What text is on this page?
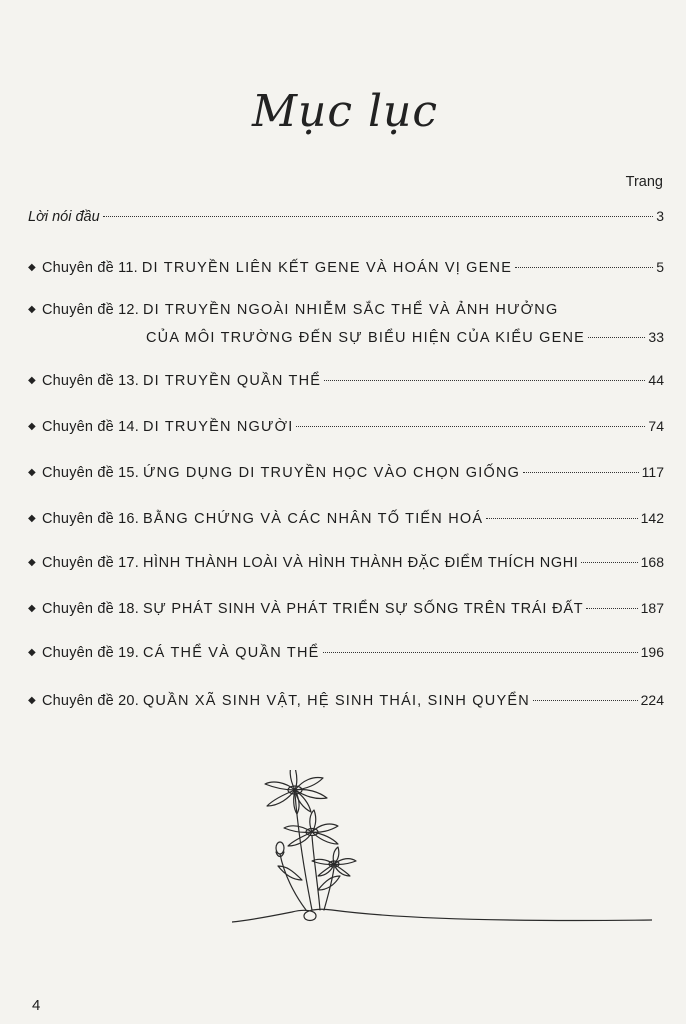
Mục lục
Trang
Lời nói đầu	3
◆ Chuyên đề 11. DI TRUYỀN LIÊN KẾT GENE VÀ HOÁN VỊ GENE	5
◆ Chuyên đề 12. DI TRUYỀN NGOÀI NHIỄM SẮC THỂ VÀ ẢNH HƯỞNG
CỦA MÔI TRƯỜNG ĐẾN SỰ BIỂU HIỆN CỦA KIỂU GENE	33
◆ Chuyên đề 13. DI TRUYỀN QUẦN THỂ	44
◆ Chuyên đề 14. DI TRUYỀN NGƯỜI	74
◆ Chuyên đề 15. ỨNG DỤNG DI TRUYỀN HỌC VÀO CHỌN GIỐNG	117
◆ Chuyên đề 16. BẰNG CHỨNG VÀ CÁC NHÂN TỐ TIẾN HOÁ	142
◆ Chuyên đề 17. HÌNH THÀNH LOÀI VÀ HÌNH THÀNH ĐẶC ĐIỂM THÍCH NGHI	168
◆ Chuyên đề 18. SỰ PHÁT SINH VÀ PHÁT TRIỂN SỰ SỐNG TRÊN TRÁI ĐẤT	187
◆ Chuyên đề 19. CÁ THỂ VÀ QUẦN THỂ	196
◆ Chuyên đề 20. QUẦN XÃ SINH VẬT, HỆ SINH THÁI, SINH QUYỂN	224
4
